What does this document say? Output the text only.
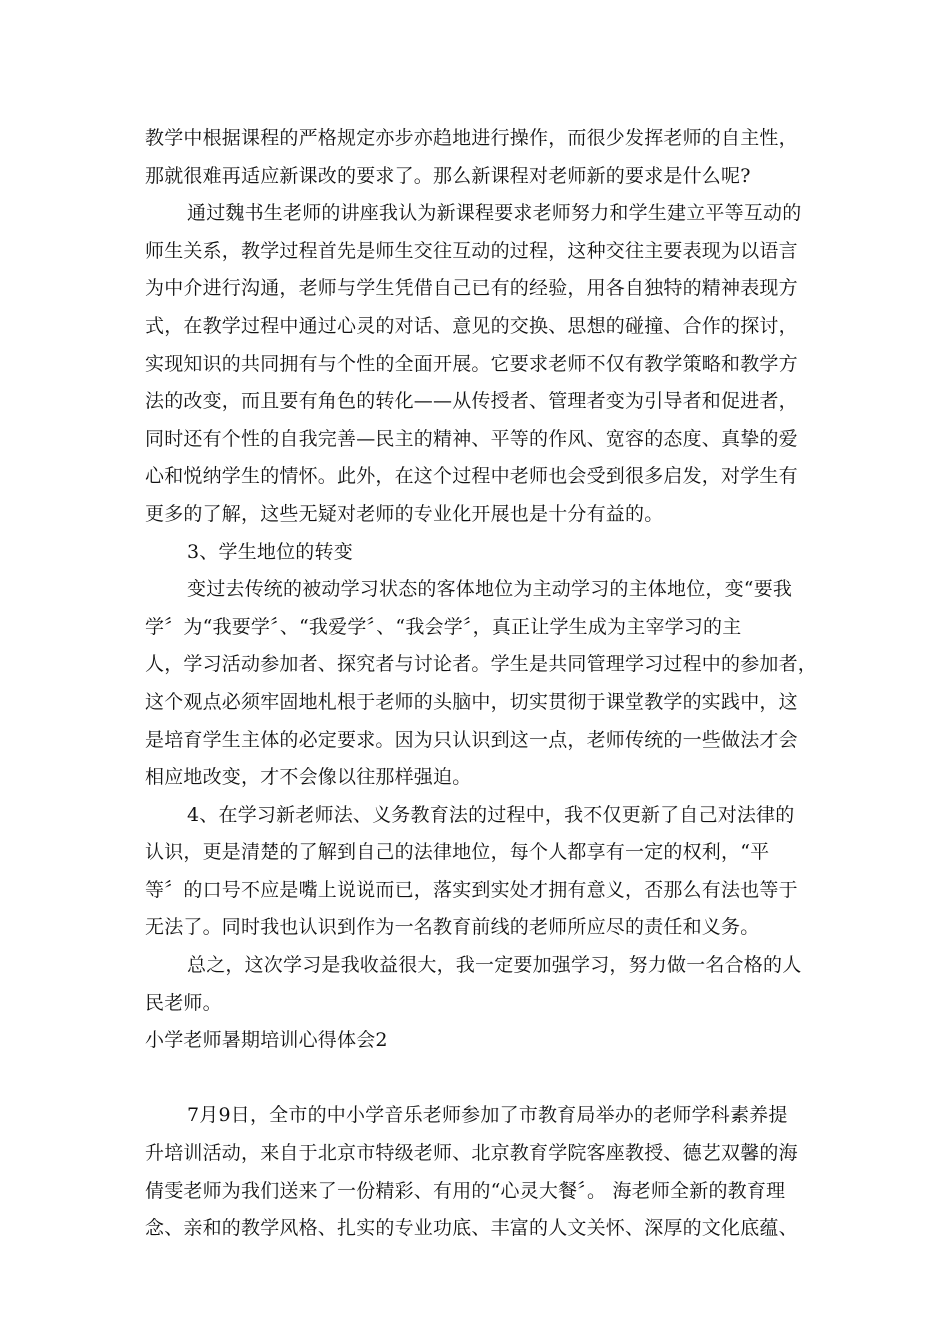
教学中根据课程的严格规定亦步亦趋地进行操作，而很少发挥老师的自主性，
那就很难再适应新课改的要求了。那么新课程对老师新的要求是什么呢?
通过魏书生老师的讲座我认为新课程要求老师努力和学生建立平等互动的
师生关系，教学过程首先是师生交往互动的过程，这种交往主要表现为以语言
为中介进行沟通，老师与学生凭借自己已有的经验，用各自独特的精神表现方
式，在教学过程中通过心灵的对话、意见的交换、思想的碰撞、合作的探讨，
实现知识的共同拥有与个性的全面开展。它要求老师不仅有教学策略和教学方
法的改变，而且要有角色的转化——从传授者、管理者变为引导者和促进者，
同时还有个性的自我完善—民主的精神、平等的作风、宽容的态度、真挚的爱
心和悦纳学生的情怀。此外，在这个过程中老师也会受到很多启发，对学生有
更多的了解，这些无疑对老师的专业化开展也是十分有益的。
3、学生地位的转变
变过去传统的被动学习状态的客体地位为主动学习的主体地位，变“要我
学〞为“我要学〞、“我爱学〞、“我会学〞，真正让学生成为主宰学习的主
人，学习活动参加者、探究者与讨论者。学生是共同管理学习过程中的参加者，
这个观点必须牢固地札根于老师的头脑中，切实贯彻于课堂教学的实践中，这
是培育学生主体的必定要求。因为只认识到这一点，老师传统的一些做法才会
相应地改变，才不会像以往那样强迫。
4、在学习新老师法、义务教育法的过程中，我不仅更新了自己对法律的
认识，更是清楚的了解到自己的法律地位，每个人都享有一定的权利，“平
等〞的口号不应是嘴上说说而已，落实到实处才拥有意义，否那么有法也等于
无法了。同时我也认识到作为一名教育前线的老师所应尽的责任和义务。
总之，这次学习是我收益很大，我一定要加强学习，努力做一名合格的人
民老师。
小学老师暑期培训心得体会2
7月9日，全市的中小学音乐老师参加了市教育局举办的老师学科素养提
升培训活动，来自于北京市特级老师、北京教育学院客座教授、德艺双馨的海
倩雯老师为我们送来了一份精彩、有用的“心灵大餐〞。 海老师全新的教育理
念、亲和的教学风格、扎实的专业功底、丰富的人文关怀、深厚的文化底蕴、
